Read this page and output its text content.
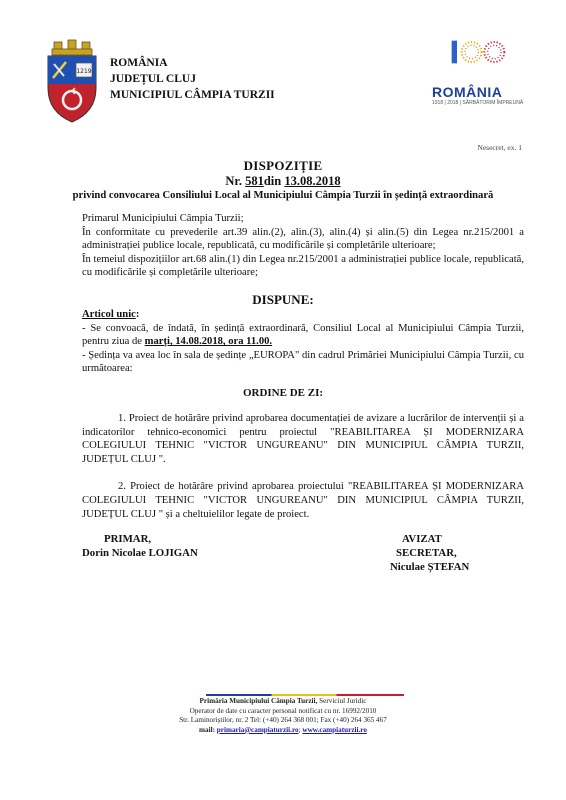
1219
ROMÂNIA
JUDEȚUL CLUJ
MUNICIPIUL CÂMPIA TURZII	ROMÂNIA
1918 | 2018 | SĂRBĂTORIM ÎMPREUNĂ
Nesecret, ex. 1
DISPOZIȚIE
Nr. 581din 13.08.2018
privind convocarea Consiliului Local al Municipiului Câmpia Turzii în ședință extraordinară

Primarul Municipiului Câmpia Turzii;

În conformitate cu prevederile art.39 alin.(2), alin.(3), alin.(4) și alin.(5) din Legea nr.215/2001 a administrației publice locale, republicată, cu modificările și completările ulterioare;

În temeiul dispozițiilor art.68 alin.(1) din Legea nr.215/2001 a administrației publice locale, republicată, cu modificările și completările ulterioare;

DISPUNE:

Articol unic:

- Se convoacă, de îndată, în ședință extraordinară, Consiliul Local al Municipiului Câmpia Turzii, pentru ziua de marți, 14.08.2018, ora 11.00.

- Ședința va avea loc în sala de ședințe „EUROPA" din cadrul Primăriei Municipiului Câmpia Turzii, cu următoarea:

ORDINE DE ZI:

1. Proiect de hotărâre privind aprobarea documentației de avizare a lucrărilor de intervenții și a indicatorilor tehnico-economici pentru proiectul "REABILITAREA ȘI MODERNIZARA COLEGIULUI TEHNIC "VICTOR UNGUREANU" DIN MUNICIPIUL CÂMPIA TURZII, JUDEȚUL CLUJ ".

2. Proiect de hotărâre privind aprobarea proiectului "REABILITAREA ȘI MODERNIZARA COLEGIULUI TEHNIC "VICTOR UNGUREANU" DIN MUNICIPIUL CÂMPIA TURZII, JUDEȚUL CLUJ " și a cheltuielilor legate de proiect.

PRIMAR,
Dorin Nicolae LOJIGAN
AVIZAT
SECRETAR,
Niculae ȘTEFAN
Primăria Municipiului Câmpia Turzii, Serviciul Juridic
Operator de date cu caracter personal notificat cu nr. 16992/2010
Str. Laminoriștilor, nr. 2 Tel: (+40) 264 368 001; Fax (+40) 264 365 467
mail: primaria@campiaturzii.ro; www.campiaturzii.ro
